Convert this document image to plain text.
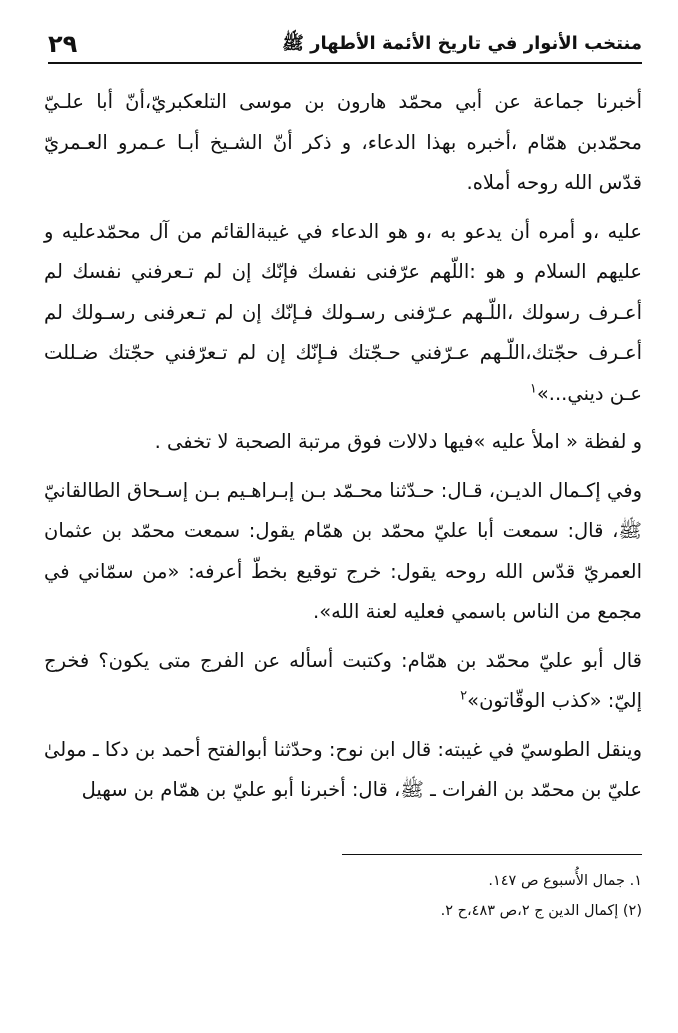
منتخب الأنوار في تاريخ الأئمة الأطهار ﷺ
٢٩

أخبرنا جماعة عن أبي محمّد هارون بن موسى التلعكبريّ،أنّ أبا علـيّ محمّدبن همّام ،أخبره بهذا الدعاء، و ذكر أنّ الشـيخ أبـا عـمرو العـمريّ قدّس الله روحه أملاه.

عليه ،و أمره أن يدعو به ،و هو الدعاء في غيبةالقائم من آل محمّدعليه و عليهم السلام و هو :اللّهم عرّفنى نفسك فإنّك إن لم تـعرفني نفسك لم أعـرف رسولك ،اللّـهم عـرّفنى رسـولك فـإنّك إن لم تـعرفنى رسـولك لم أعـرف حجّتك،اللّـهم عـرّفني حـجّتك فـإنّك إن لم تـعرّفني حجّتك ضـللت عـن ديني...»$^١$

و لفظة « املأ عليه »فيها دلالات فوق مرتبة الصحبة لا تخفى .

وفي إكـمال الديـن، قـال: حـدّثنا محـمّد بـن إبـراهـيم بـن إسـحاق الطالقانيّ ﷺ، قال: سمعت أبا عليّ محمّد بن همّام يقول: سمعت محمّد بن عثمان العمريّ قدّس الله روحه يقول: خرج توقيع بخطّ أعرفه: «من سمّاني في مجمع من الناس باسمي فعليه لعنة الله».

قال أبو عليّ محمّد بن همّام: وكتبت أسأله عن الفرج متى يكون؟ فخرج إليّ: «كذب الوقّاتون»$^٢$

وينقل الطوسيّ في غيبته: قال ابن نوح: وحدّثنا أبوالفتح أحمد بن دكا ـ مولىٰ عليّ بن محمّد بن الفرات ـ ﷺ، قال: أخبرنا أبو عليّ بن همّام بن سهيل

١. جمال الأُسبوع ص ١٤٧.
(٢) إكمال الدين ج ٢،ص ٤٨٣،ح ٢.
